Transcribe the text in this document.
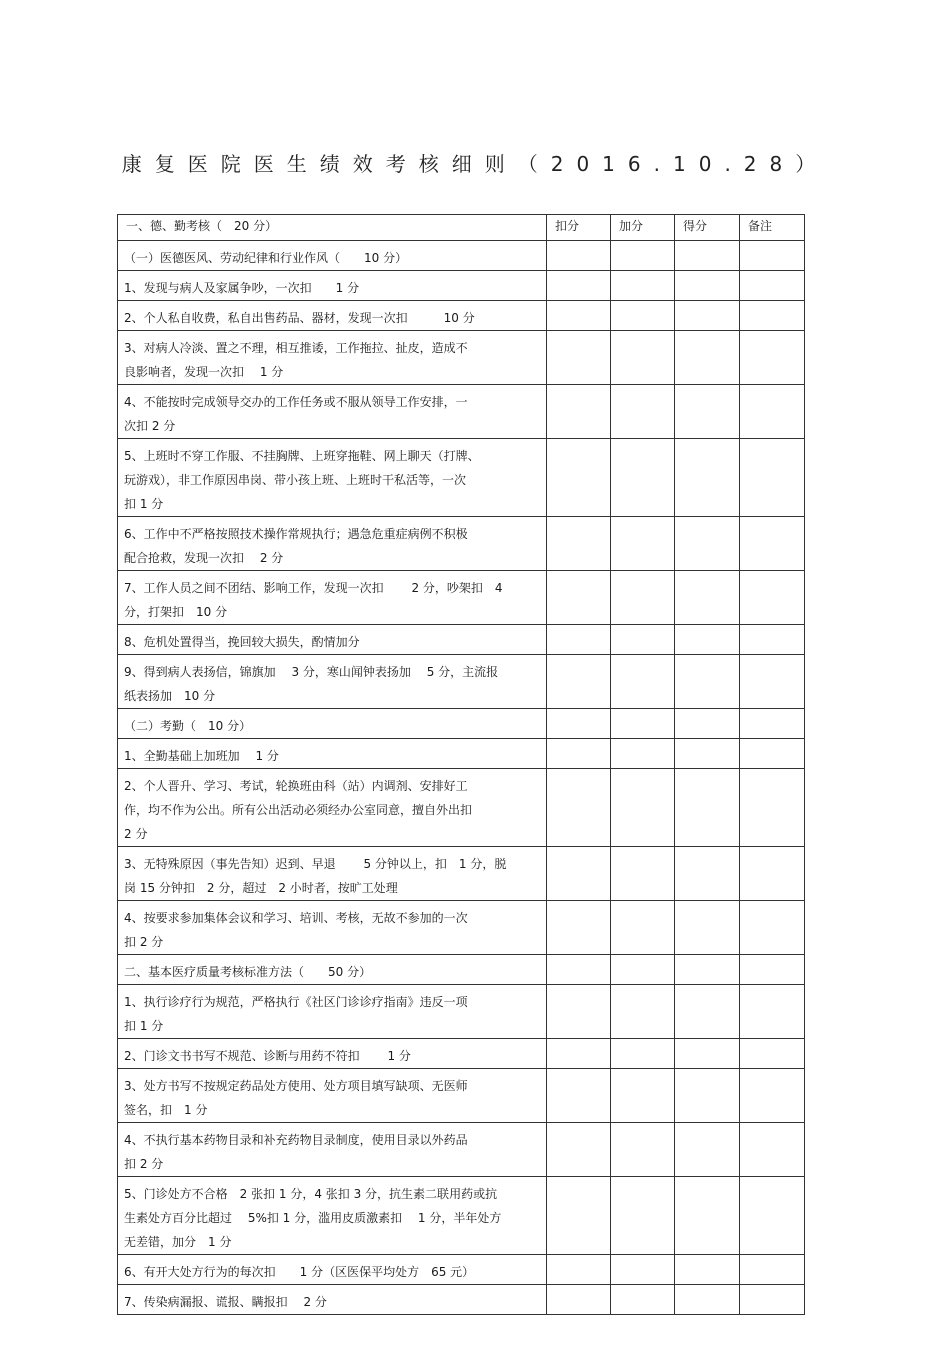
康复医院医生绩效考核细则（2016.10.28）
一、德、勤考核（　20 分）	扣分	加分	得分	备注

（一）医德医风、劳动纪律和行业作风（　　10 分）				

1、发现与病人及家属争吵，一次扣　　1 分				

2、个人私自收费，私自出售药品、器材，发现一次扣　　　10 分				

3、对病人冷淡、置之不理，相互推诿，工作拖拉、扯皮，造成不
良影响者，发现一次扣　 1 分				

4、不能按时完成领导交办的工作任务或不服从领导工作安排，一
次扣 2 分				

5、上班时不穿工作服、不挂胸牌、上班穿拖鞋、网上聊天（打牌、
玩游戏），非工作原因串岗、带小孩上班、上班时干私活等，一次
扣 1 分				

6、工作中不严格按照技术操作常规执行；遇急危重症病例不积极
配合抢救，发现一次扣　 2 分				

7、工作人员之间不团结、影响工作，发现一次扣　　 2 分，吵架扣　4
分，打架扣　10 分				

8、危机处置得当，挽回较大损失，酌情加分				

9、得到病人表扬信，锦旗加　 3 分，寒山闻钟表扬加　 5 分，主流报
纸表扬加　10 分				

（二）考勤（　10 分）				

1、全勤基础上加班加　 1 分				

2、个人晋升、学习、考试，轮换班由科（站）内调剂、安排好工
作，均不作为公出。所有公出活动必须经办公室同意，擅自外出扣
2 分				

3、无特殊原因（事先告知）迟到、早退　　 5 分钟以上，扣　1 分，脱
岗 15 分钟扣　2 分，超过　2 小时者，按旷工处理				

4、按要求参加集体会议和学习、培训、考核，无故不参加的一次
扣 2 分				

二、基本医疗质量考核标准方法（　　50 分）				

1、执行诊疗行为规范，严格执行《社区门诊诊疗指南》违反一项
扣 1 分				

2、门诊文书书写不规范、诊断与用药不符扣　　 1 分				

3、处方书写不按规定药品处方使用、处方项目填写缺项、无医师
签名，扣　1 分				

4、不执行基本药物目录和补充药物目录制度，使用目录以外药品
扣 2 分				

5、门诊处方不合格　2 张扣 1 分，4 张扣 3 分，抗生素二联用药或抗
生素处方百分比超过　 5%扣 1 分，滥用皮质激素扣　 1 分，半年处方
无差错，加分　1 分				

6、有开大处方行为的每次扣　　1 分（区医保平均处方　65 元）				

7、传染病漏报、谎报、瞒报扣　 2 分				
